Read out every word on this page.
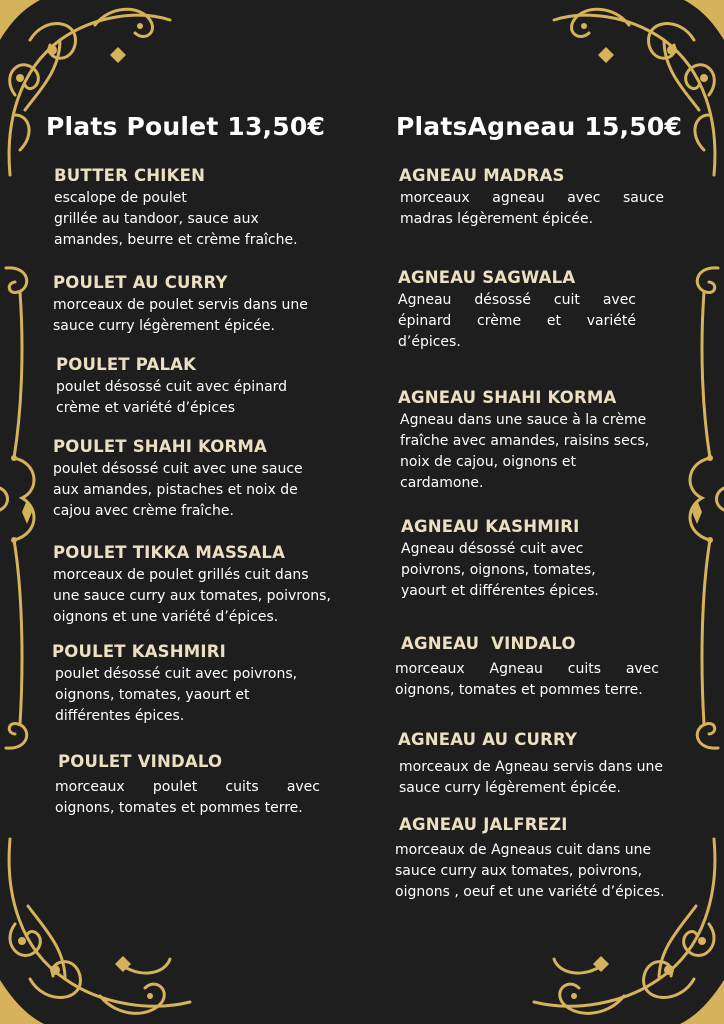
Plats Poulet 13,50€	PlatsAgneau 15,50€

BUTTER CHIKEN

escalope de poulet
grillée au tandoor, sauce aux
amandes, beurre et crème fraîche.

POULET AU CURRY

morceaux de poulet servis dans une
sauce curry légèrement épicée.

POULET PALAK

poulet désossé cuit avec épinard
crème et variété d’épices

POULET SHAHI KORMA

poulet désossé cuit avec une sauce
aux amandes, pistaches et noix de
cajou avec crème fraîche.

POULET TIKKA MASSALA

morceaux de poulet grillés cuit dans
une sauce curry aux tomates, poivrons,
oignons et une variété d’épices.

POULET KASHMIRI

poulet désossé cuit avec poivrons,
oignons, tomates, yaourt et
différentes épices.

POULET VINDALO

morceaux poulet cuits avec
oignons, tomates et pommes terre.

AGNEAU MADRAS

morceaux agneau avec sauce
madras légèrement épicée.

AGNEAU SAGWALA

Agneau désossé cuit avec
épinard crème et variété
d’épices.

AGNEAU SHAHI KORMA

Agneau dans une sauce à la crème
fraîche avec amandes, raisins secs,
noix de cajou, oignons et
cardamone.

AGNEAU KASHMIRI

Agneau désossé cuit avec
poivrons, oignons, tomates,
yaourt et différentes épices.

AGNEAU  VINDALO

morceaux Agneau cuits avec
oignons, tomates et pommes terre.

AGNEAU AU CURRY

morceaux de Agneau servis dans une
sauce curry légèrement épicée.

AGNEAU JALFREZI

morceaux de Agneaus cuit dans une
sauce curry aux tomates, poivrons,
oignons , oeuf et une variété d’épices.
